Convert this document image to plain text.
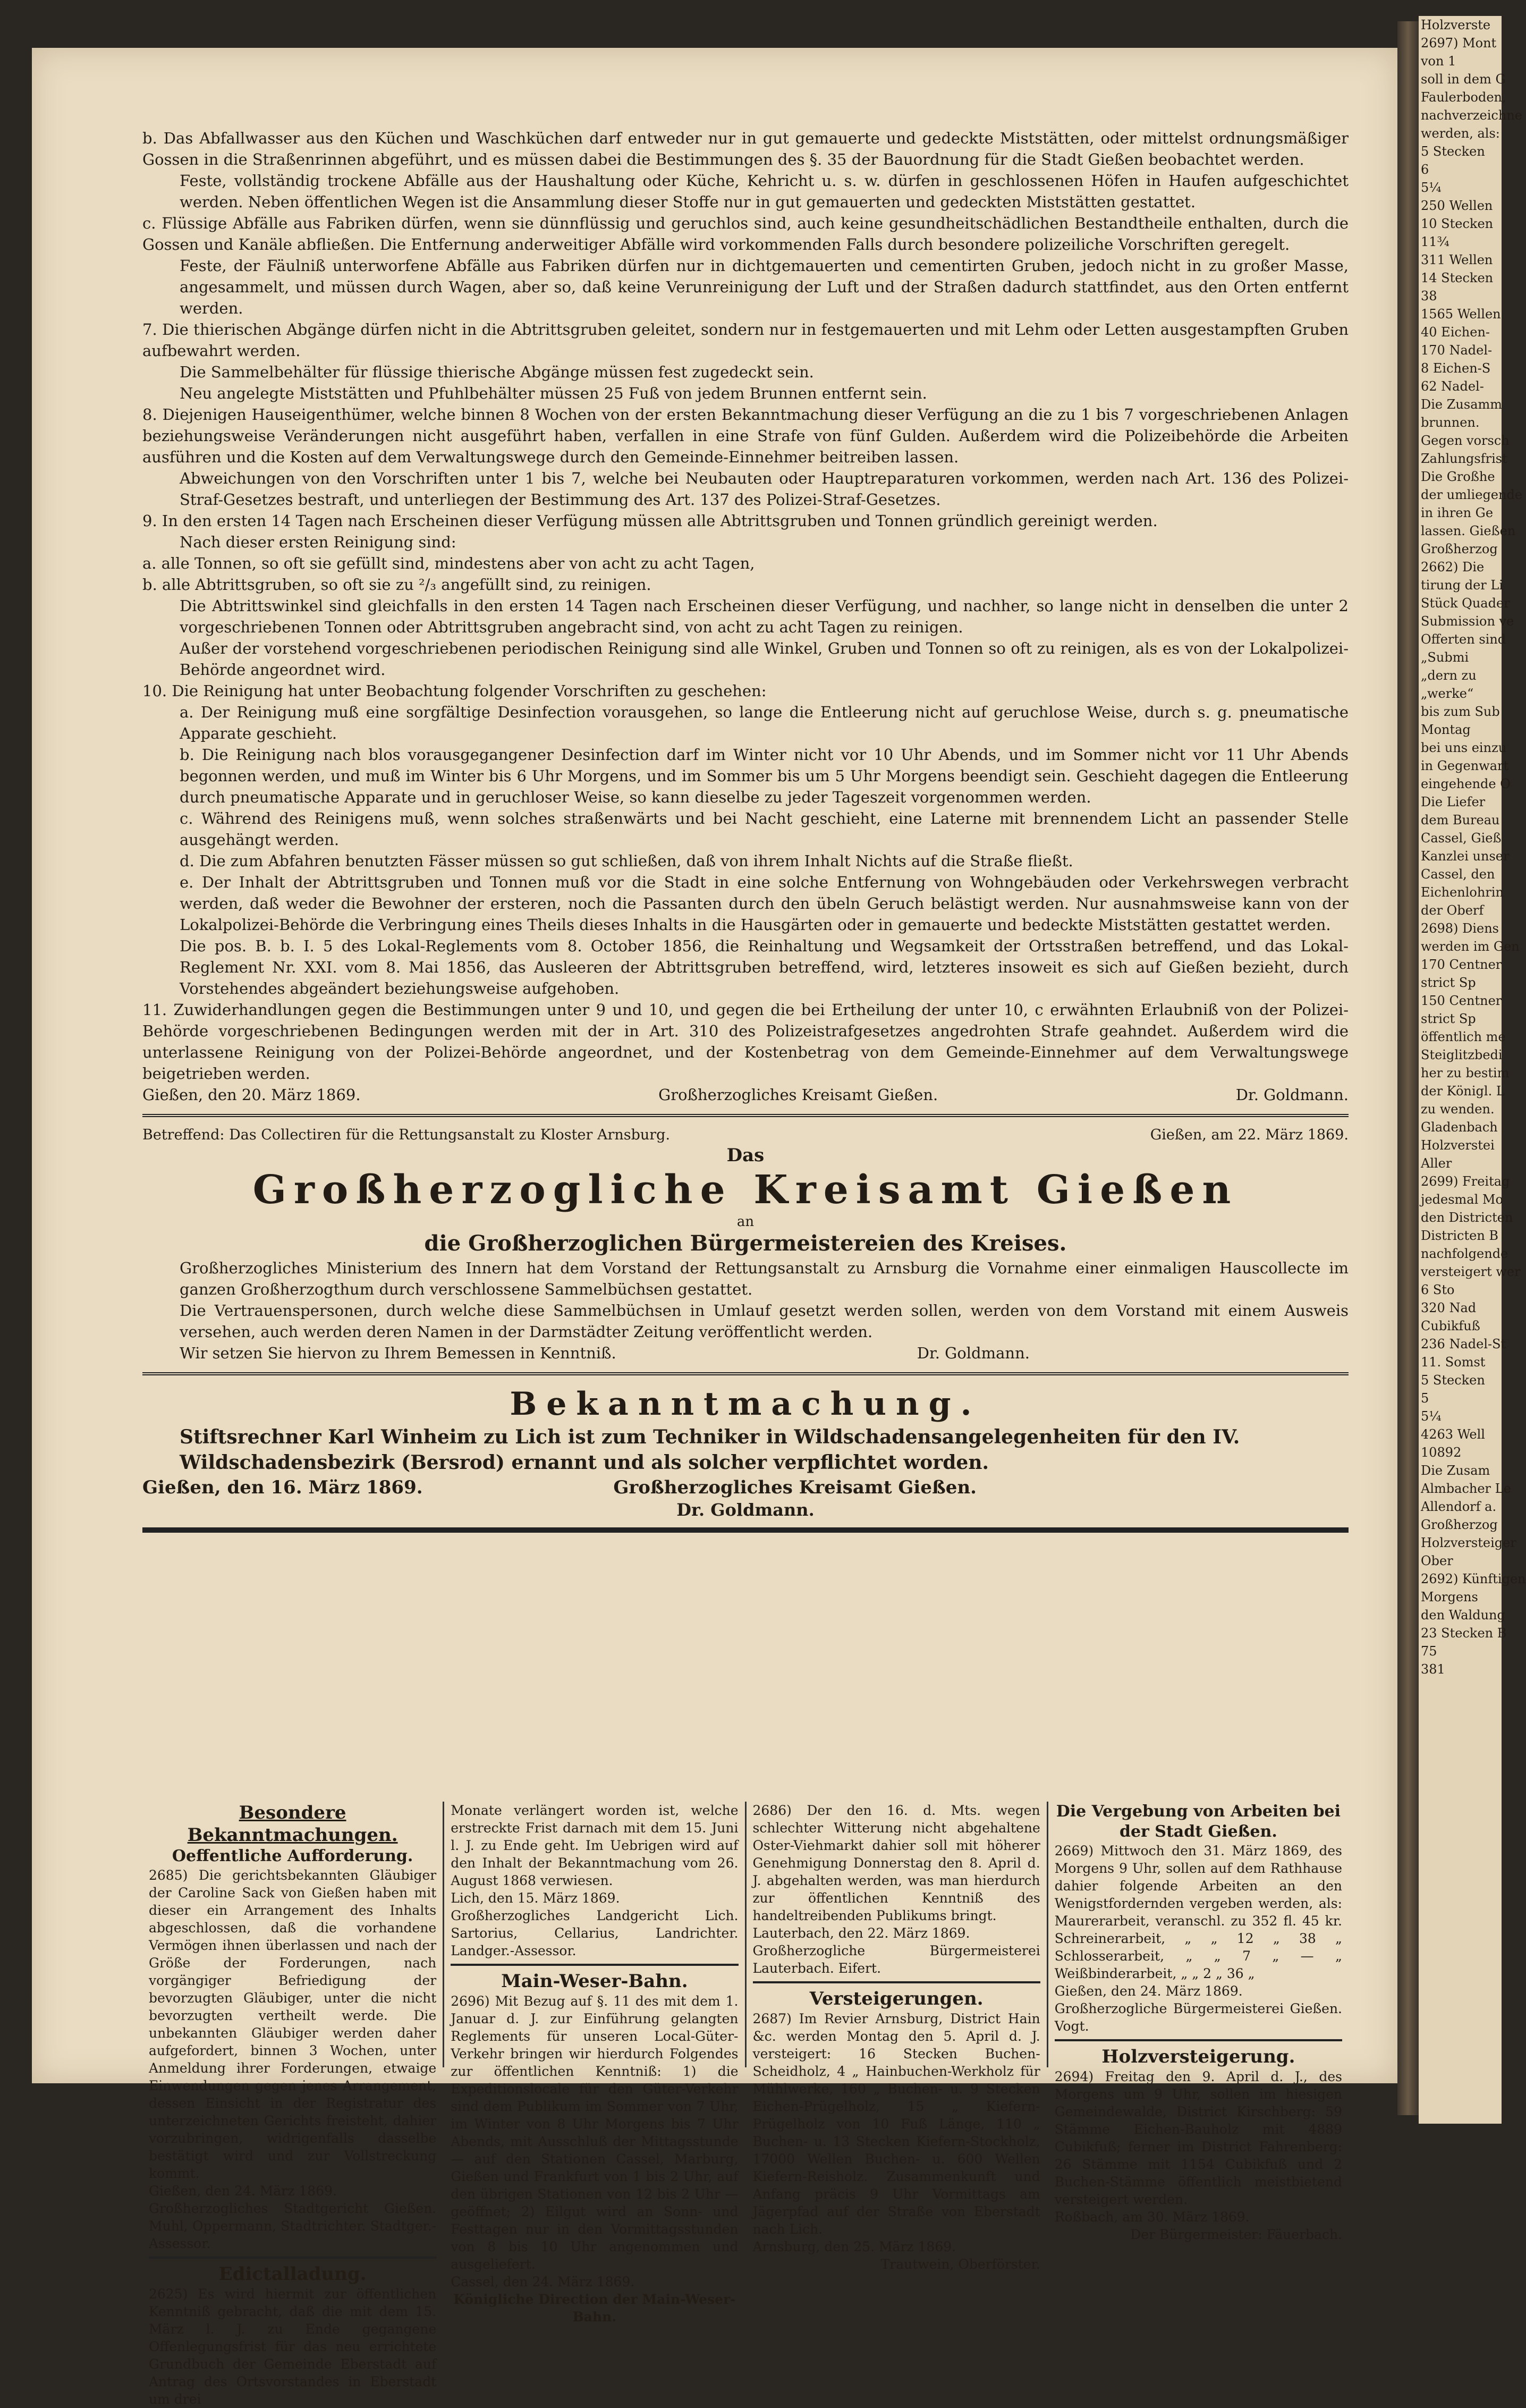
Holzverste
2697) Mont
von 1
soll in dem G
Faulerboden,
nachverzeichne
werden, als:
5 Stecken
6
5¼
250 Wellen
10 Stecken
11¾
311 Wellen
14 Stecken
38
1565 Wellen
40 Eichen-
170 Nadel-
8 Eichen-S
62 Nadel-
Die Zusamm
brunnen.
Gegen vorsch
Zahlungsfrist
Die Großhe
der umliegende
in ihren Ge
lassen. Gießen
Großherzog
2662) Die
tirung der Li
Stück Quader
Submission ve
Offerten sind
„Submi
„dern zu
„werke“
bis zum Sub
Montag
bei uns einzu
in Gegenwart
eingehende O
Die Liefer
dem Bureau
Cassel, Gieß
Kanzlei unser
Cassel, den
Eichenlohrin
der Oberf
2698) Diens
werden im Gen
170 Centner
strict Sp
150 Centner
strict Sp
öffentlich me
Steiglitzbedi
her zu bestim
der Königl. L
zu wenden.
Gladenbach
Holzverstei
Aller
2699) Freitag
jedesmal Mo
den Districten
Districten B
nachfolgende
versteigert wer
6 Sto
320 Nad
Cubikfuß
236 Nadel-St
11. Somst
5 Stecken
5
5¼
4263 Well
10892
Die Zusam
Almbacher Le
Allendorf a.
Großherzog
Holzversteiger
Ober
2692) Künftigen
Morgens
den Waldung
23 Stecken B
75
381

b. Das Abfallwasser aus den Küchen und Waschküchen darf entweder nur in gut gemauerte und gedeckte Miststätten, oder mittelst ordnungsmäßiger Gossen in die Straßenrinnen abgeführt, und es müssen dabei die Bestimmungen des §. 35 der Bauordnung für die Stadt Gießen beobachtet werden.

Feste, vollständig trockene Abfälle aus der Haushaltung oder Küche, Kehricht u. s. w. dürfen in geschlossenen Höfen in Haufen aufgeschichtet werden. Neben öffentlichen Wegen ist die Ansammlung dieser Stoffe nur in gut gemauerten und gedeckten Miststätten gestattet.

c. Flüssige Abfälle aus Fabriken dürfen, wenn sie dünnflüssig und geruchlos sind, auch keine gesundheitschädlichen Bestandtheile enthalten, durch die Gossen und Kanäle abfließen. Die Entfernung anderweitiger Abfälle wird vorkommenden Falls durch besondere polizeiliche Vorschriften geregelt.

Feste, der Fäulniß unterworfene Abfälle aus Fabriken dürfen nur in dichtgemauerten und cementirten Gruben, jedoch nicht in zu großer Masse, angesammelt, und müssen durch Wagen, aber so, daß keine Verunreinigung der Luft und der Straßen dadurch stattfindet, aus den Orten entfernt werden.

7. Die thierischen Abgänge dürfen nicht in die Abtrittsgruben geleitet, sondern nur in festgemauerten und mit Lehm oder Letten ausgestampften Gruben aufbewahrt werden.

Die Sammelbehälter für flüssige thierische Abgänge müssen fest zugedeckt sein.

Neu angelegte Miststätten und Pfuhlbehälter müssen 25 Fuß von jedem Brunnen entfernt sein.

8. Diejenigen Hauseigenthümer, welche binnen 8 Wochen von der ersten Bekanntmachung dieser Verfügung an die zu 1 bis 7 vorgeschriebenen Anlagen beziehungsweise Veränderungen nicht ausgeführt haben, verfallen in eine Strafe von fünf Gulden. Außerdem wird die Polizeibehörde die Arbeiten ausführen und die Kosten auf dem Verwaltungswege durch den Gemeinde-Einnehmer beitreiben lassen.

Abweichungen von den Vorschriften unter 1 bis 7, welche bei Neubauten oder Hauptreparaturen vorkommen, werden nach Art. 136 des Polizei-Straf-Gesetzes bestraft, und unterliegen der Bestimmung des Art. 137 des Polizei-Straf-Gesetzes.

9. In den ersten 14 Tagen nach Erscheinen dieser Verfügung müssen alle Abtrittsgruben und Tonnen gründlich gereinigt werden.

Nach dieser ersten Reinigung sind:

a. alle Tonnen, so oft sie gefüllt sind, mindestens aber von acht zu acht Tagen,

b. alle Abtrittsgruben, so oft sie zu ²/₃ angefüllt sind, zu reinigen.

Die Abtrittswinkel sind gleichfalls in den ersten 14 Tagen nach Erscheinen dieser Verfügung, und nachher, so lange nicht in denselben die unter 2 vorgeschriebenen Tonnen oder Abtrittsgruben angebracht sind, von acht zu acht Tagen zu reinigen.

Außer der vorstehend vorgeschriebenen periodischen Reinigung sind alle Winkel, Gruben und Tonnen so oft zu reinigen, als es von der Lokalpolizei-Behörde angeordnet wird.

10. Die Reinigung hat unter Beobachtung folgender Vorschriften zu geschehen:

a. Der Reinigung muß eine sorgfältige Desinfection vorausgehen, so lange die Entleerung nicht auf geruchlose Weise, durch s. g. pneumatische Apparate geschieht.

b. Die Reinigung nach blos vorausgegangener Desinfection darf im Winter nicht vor 10 Uhr Abends, und im Sommer nicht vor 11 Uhr Abends begonnen werden, und muß im Winter bis 6 Uhr Morgens, und im Sommer bis um 5 Uhr Morgens beendigt sein. Geschieht dagegen die Entleerung durch pneumatische Apparate und in geruchloser Weise, so kann dieselbe zu jeder Tageszeit vorgenommen werden.

c. Während des Reinigens muß, wenn solches straßenwärts und bei Nacht geschieht, eine Laterne mit brennendem Licht an passender Stelle ausgehängt werden.

d. Die zum Abfahren benutzten Fässer müssen so gut schließen, daß von ihrem Inhalt Nichts auf die Straße fließt.

e. Der Inhalt der Abtrittsgruben und Tonnen muß vor die Stadt in eine solche Entfernung von Wohngebäuden oder Verkehrswegen verbracht werden, daß weder die Bewohner der ersteren, noch die Passanten durch den übeln Geruch belästigt werden. Nur ausnahmsweise kann von der Lokalpolizei-Behörde die Verbringung eines Theils dieses Inhalts in die Hausgärten oder in gemauerte und bedeckte Miststätten gestattet werden.

Die pos. B. b. I. 5 des Lokal-Reglements vom 8. October 1856, die Reinhaltung und Wegsamkeit der Ortsstraßen betreffend, und das Lokal-Reglement Nr. XXI. vom 8. Mai 1856, das Ausleeren der Abtrittsgruben betreffend, wird, letzteres insoweit es sich auf Gießen bezieht, durch Vorstehendes abgeändert beziehungsweise aufgehoben.

11. Zuwiderhandlungen gegen die Bestimmungen unter 9 und 10, und gegen die bei Ertheilung der unter 10, c erwähnten Erlaubniß von der Polizei-Behörde vorgeschriebenen Bedingungen werden mit der in Art. 310 des Polizeistrafgesetzes angedrohten Strafe geahndet. Außerdem wird die unterlassene Reinigung von der Polizei-Behörde angeordnet, und der Kostenbetrag von dem Gemeinde-Einnehmer auf dem Verwaltungswege beigetrieben werden.

Gießen, den 20. März 1869.	Großherzogliches Kreisamt Gießen.	Dr. Goldmann.
Betreffend: Das Collectiren für die Rettungsanstalt zu Kloster Arnsburg.	Gießen, am 22. März 1869.
Das
Großherzogliche Kreisamt Gießen
an
die Großherzoglichen Bürgermeistereien des Kreises.

Großherzogliches Ministerium des Innern hat dem Vorstand der Rettungsanstalt zu Arnsburg die Vornahme einer einmaligen Hauscollecte im ganzen Großherzogthum durch verschlossene Sammelbüchsen gestattet.

Die Vertrauenspersonen, durch welche diese Sammelbüchsen in Umlauf gesetzt werden sollen, werden von dem Vorstand mit einem Ausweis versehen, auch werden deren Namen in der Darmstädter Zeitung veröffentlicht werden.

Wir setzen Sie hiervon zu Ihrem Bemessen in Kenntniß.	Dr. Goldmann.
Bekanntmachung.

Stiftsrechner Karl Winheim zu Lich ist zum Techniker in Wildschadensangelegenheiten für den IV. Wildschadensbezirk (Bersrod) ernannt und als solcher verpflichtet worden.

Gießen, den 16. März 1869.	Großherzogliches Kreisamt Gießen.
Dr. Goldmann.
Besondere Bekanntmachungen.
Oeffentliche Aufforderung.

2685) Die gerichtsbekannten Gläubiger der Caroline Sack von Gießen haben mit dieser ein Arrangement des Inhalts abgeschlossen, daß die vorhandene Vermögen ihnen überlassen und nach der Größe der Forderungen, nach vorgängiger Befriedigung der bevorzugten Gläubiger, unter die nicht bevorzugten vertheilt werde. Die unbekannten Gläubiger werden daher aufgefordert, binnen 3 Wochen, unter Anmeldung ihrer Forderungen, etwaige Einwendungen gegen jenes Arrangement, dessen Einsicht in der Registratur des unterzeichneten Gerichts freisteht, dahier vorzubringen, widrigenfalls dasselbe bestätigt wird und zur Vollstreckung kommt.

Gießen, den 24. März 1869.

Großherzogliches Stadtgericht Gießen. Muhl, Oppermann, Stadtrichter. Stadtger.-Assessor.

Edictalladung.

2625) Es wird hiermit zur öffentlichen Kenntniß gebracht, daß die mit dem 15. März l. J. zu Ende gegangene Offenlegungsfrist für das neu errichtete Grundbuch der Gemeinde Eberstadt auf Antrag des Ortsvorstandes in Eberstadt um drei

Monate verlängert worden ist, welche erstreckte Frist darnach mit dem 15. Juni l. J. zu Ende geht. Im Uebrigen wird auf den Inhalt der Bekanntmachung vom 26. August 1868 verwiesen.

Lich, den 15. März 1869.

Großherzogliches Landgericht Lich. Sartorius, Cellarius, Landrichter. Landger.-Assessor.

Main-Weser-Bahn.

2696) Mit Bezug auf §. 11 des mit dem 1. Januar d. J. zur Einführung gelangten Reglements für unseren Local-Güter-Verkehr bringen wir hierdurch Folgendes zur öffentlichen Kenntniß: 1) die Expeditionslocale für den Güter-Verkehr sind dem Publikum im Sommer von 7 Uhr, im Winter von 8 Uhr Morgens bis 7 Uhr Abends, mit Ausschluß der Mittagsstunde — auf den Stationen Cassel, Marburg, Gießen und Frankfurt von 1 bis 2 Uhr, auf den übrigen Stationen von 12 bis 2 Uhr — geöffnet; 2) Eilgut wird an Sonn- und Festtagen nur in den Vormittagsstunden von 8 bis 10 Uhr angenommen und ausgeliefert.

Cassel, den 24. März 1869.

Königliche Direction der Main-Weser-Bahn.

2686) Der den 16. d. Mts. wegen schlechter Witterung nicht abgehaltene Oster-Viehmarkt dahier soll mit höherer Genehmigung Donnerstag den 8. April d. J. abgehalten werden, was man hierdurch zur öffentlichen Kenntniß des handeltreibenden Publikums bringt.

Lauterbach, den 22. März 1869.

Großherzogliche Bürgermeisterei Lauterbach. Eifert.

Versteigerungen.

2687) Im Revier Arnsburg, District Hain &c. werden Montag den 5. April d. J. versteigert: 16 Stecken Buchen-Scheidholz, 4 „ Hainbuchen-Werkholz für Mühlwerke, 160 „ Buchen- u. 9 Stecken Eichen-Prügelholz, 15 „ Kiefern-Prügelholz von 10 Fuß Länge, 110 „ Buchen- u. 13 Stecken Kiefern-Stockholz, 17000 Wellen Buchen- u. 600 Wellen Kiefern-Reisholz. Zusammenkunft und Anfang präcis 9 Uhr Vormittags am Jägerpfad auf der Straße von Eberstadt nach Lich.

Arnsburg, den 25. März 1869.

Trautwein, Oberförster.

Die Vergebung von Arbeiten bei der Stadt Gießen.

2669) Mittwoch den 31. März 1869, des Morgens 9 Uhr, sollen auf dem Rathhause dahier folgende Arbeiten an den Wenigstfordernden vergeben werden, als: Maurerarbeit, veranschl. zu 352 fl. 45 kr. Schreinerarbeit, „ „ 12 „ 38 „ Schlosserarbeit, „ „ 7 „ — „ Weißbinderarbeit, „ „ 2 „ 36 „

Gießen, den 24. März 1869.

Großherzogliche Bürgermeisterei Gießen. Vogt.

Holzversteigerung.

2694) Freitag den 9. April d. J., des Morgens um 9 Uhr, sollen im hiesigen Gemeindewalde, District Kirschberg: 59 Stämme Eichen-Bauholz mit 4889 Cubikfuß; ferner im District Fahrenberg: 26 Stämme mit 1154 Cubikfuß und 2 Buchen-Stämme öffentlich meistbietend versteigert werden.

Roßbach, am 30. März 1869.

Der Bürgermeister: Fäuerbach.
